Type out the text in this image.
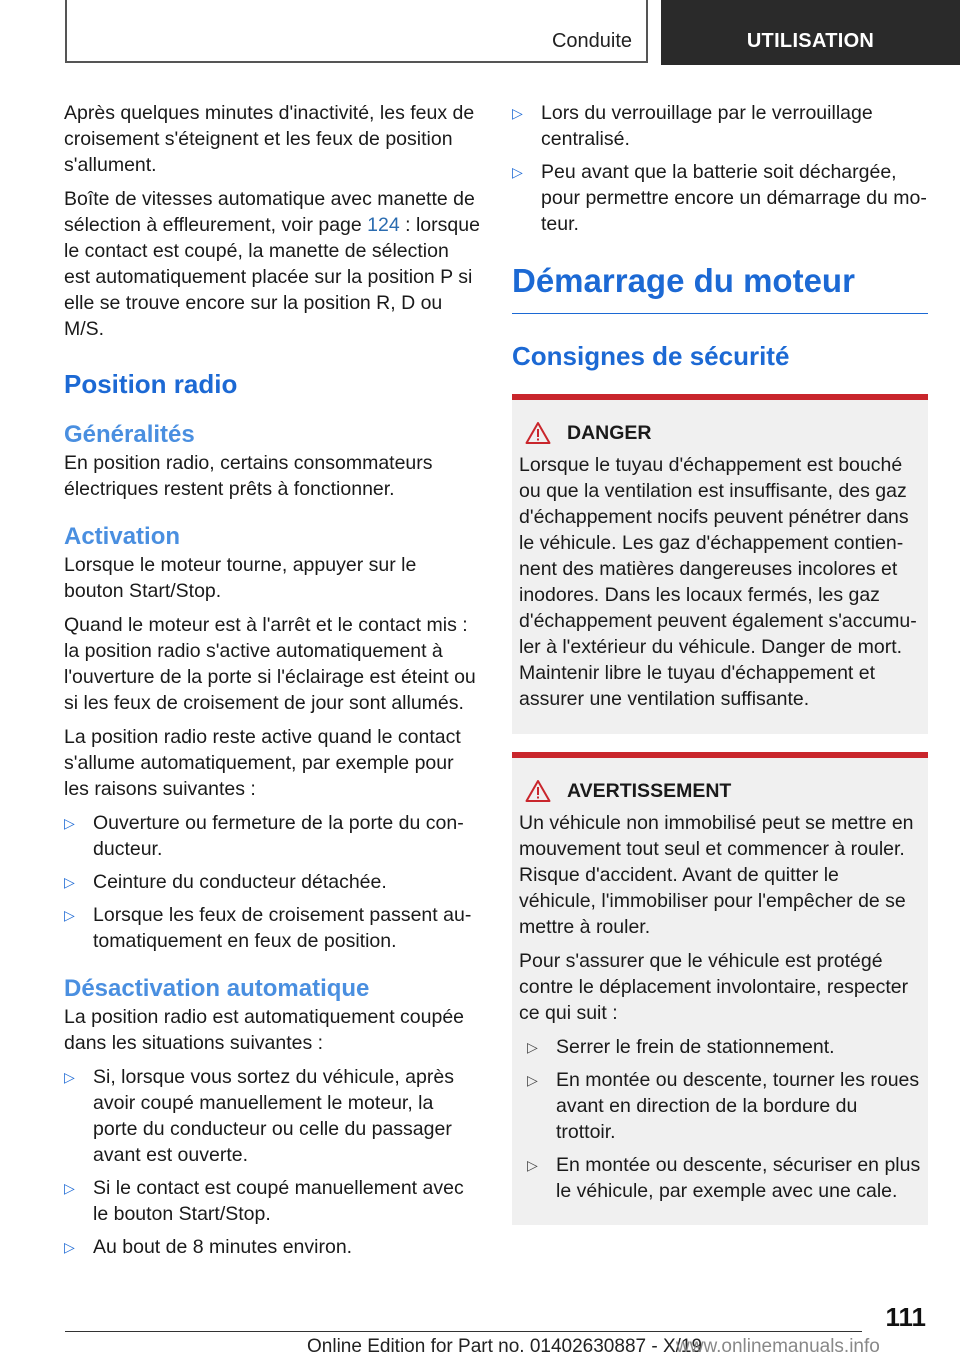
Conduite	UTILISATION

Après quelques minutes d'inactivité, les feux de croisement s'éteignent et les feux de position s'allument.

Boîte de vitesses automatique avec manette de sélection à effleurement, voir page 124 : lorsque le contact est coupé, la manette de sélection est automatiquement placée sur la position P si elle se trouve encore sur la position R, D ou M/S.

Position radio
Généralités

En position radio, certains consommateurs électriques restent prêts à fonctionner.

Activation

Lorsque le moteur tourne, appuyer sur le bouton Start/Stop.

Quand le moteur est à l'arrêt et le contact mis : la position radio s'active automatiquement à l'ouverture de la porte si l'éclairage est éteint ou si les feux de croisement de jour sont allumés.

La position radio reste active quand le contact s'allume automatiquement, par exemple pour les raisons suivantes :

▷ Ouverture ou fermeture de la porte du conducteur.
▷ Ceinture du conducteur détachée.
▷ Lorsque les feux de croisement passent automatiquement en feux de position.
Désactivation automatique

La position radio est automatiquement coupée dans les situations suivantes :

▷ Si, lorsque vous sortez du véhicule, après avoir coupé manuellement le moteur, la porte du conducteur ou celle du passager avant est ouverte.
▷ Si le contact est coupé manuellement avec le bouton Start/Stop.
▷ Au bout de 8 minutes environ.
▷ Lors du verrouillage par le verrouillage centralisé.
▷ Peu avant que la batterie soit déchargée, pour permettre encore un démarrage du moteur.
Démarrage du moteur
Consignes de sécurité
DANGER

Lorsque le tuyau d'échappement est bouché ou que la ventilation est insuffisante, des gaz d'échappement nocifs peuvent pénétrer dans le véhicule. Les gaz d'échappement contiennent des matières dangereuses incolores et inodores. Dans les locaux fermés, les gaz d'échappement peuvent également s'accumuler à l'extérieur du véhicule. Danger de mort. Maintenir libre le tuyau d'échappement et assurer une ventilation suffisante.

AVERTISSEMENT

Un véhicule non immobilisé peut se mettre en mouvement tout seul et commencer à rouler. Risque d'accident. Avant de quitter le véhicule, l'immobiliser pour l'empêcher de se mettre à rouler.

Pour s'assurer que le véhicule est protégé contre le déplacement involontaire, respecter ce qui suit :

▷ Serrer le frein de stationnement.
▷ En montée ou descente, tourner les roues avant en direction de la bordure du trottoir.
▷ En montée ou descente, sécuriser en plus le véhicule, par exemple avec une cale.
111
Online Edition for Part no. 01402630887 - X/19
www.onlinemanuals.info
